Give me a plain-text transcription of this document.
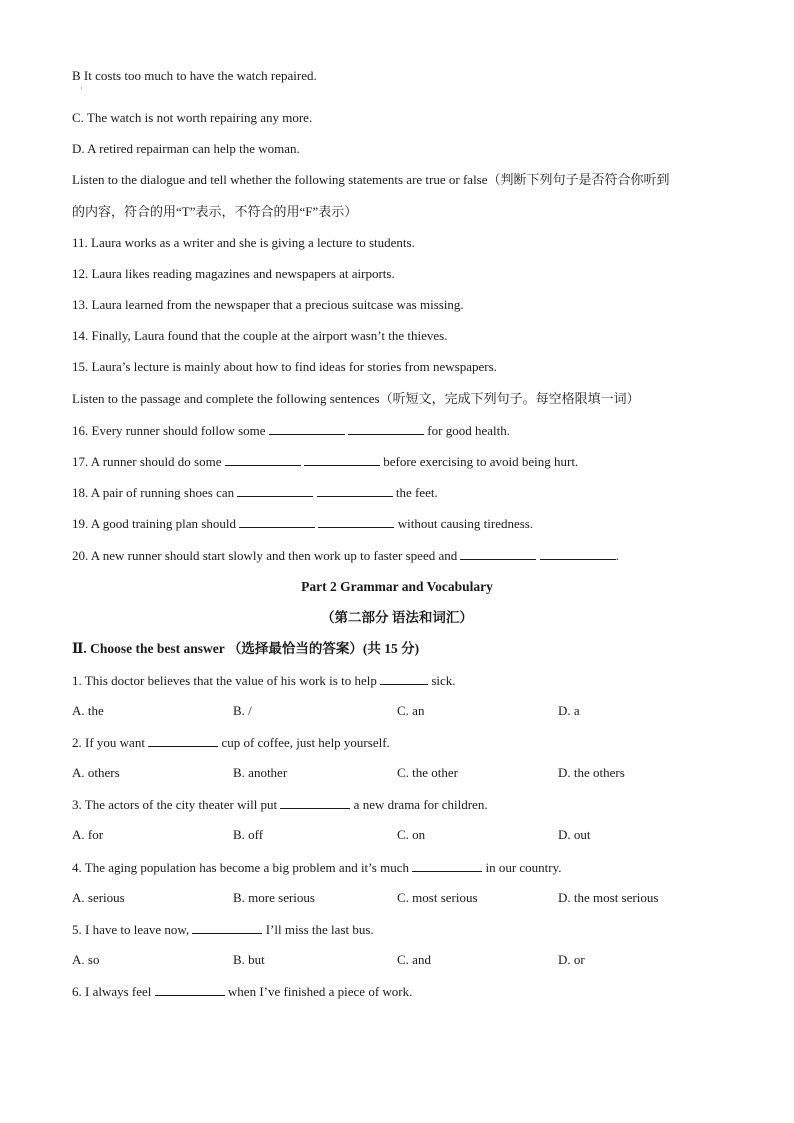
B It costs too much to have the watch repaired.
·
C. The watch is not worth repairing any more.
D. A retired repairman can help the woman.
Listen to the dialogue and tell whether the following statements are true or false（判断下列句子是否符合你听到
的内容，符合的用“T”表示，不符合的用“F”表示）
11. Laura works as a writer and she is giving a lecture to students.
12. Laura likes reading magazines and newspapers at airports.
13. Laura learned from the newspaper that a precious suitcase was missing.
14. Finally, Laura found that the couple at the airport wasn’t the thieves.
15. Laura’s lecture is mainly about how to find ideas for stories from newspapers.
Listen to the passage and complete the following sentences（听短文，完成下列句子。每空格限填一词）
16. Every runner should follow some	for good health.
17. A runner should do some	before exercising to avoid being hurt.
18. A pair of running shoes can	the feet.
19. A good training plan should	without causing tiredness.
20. A new runner should start slowly and then work up to faster speed and	.
Part 2 Grammar and Vocabulary
（第二部分 语法和词汇）
Ⅱ. Choose the best answer （选择最恰当的答案）(共 15 分)
1. This doctor believes that the value of his work is to help	sick.
A. the	B. /	C. an	D. a
2. If you want	cup of coffee, just help yourself.
A. others	B. another	C. the other	D. the others
3. The actors of the city theater will put	a new drama for children.
A. for	B. off	C. on	D. out
4. The aging population has become a big problem and it’s much	in our country.
A. serious	B. more serious	C. most serious	D. the most serious
5. I have to leave now,	I’ll miss the last bus.
A. so	B. but	C. and	D. or
6. I always feel	when I’ve finished a piece of work.
